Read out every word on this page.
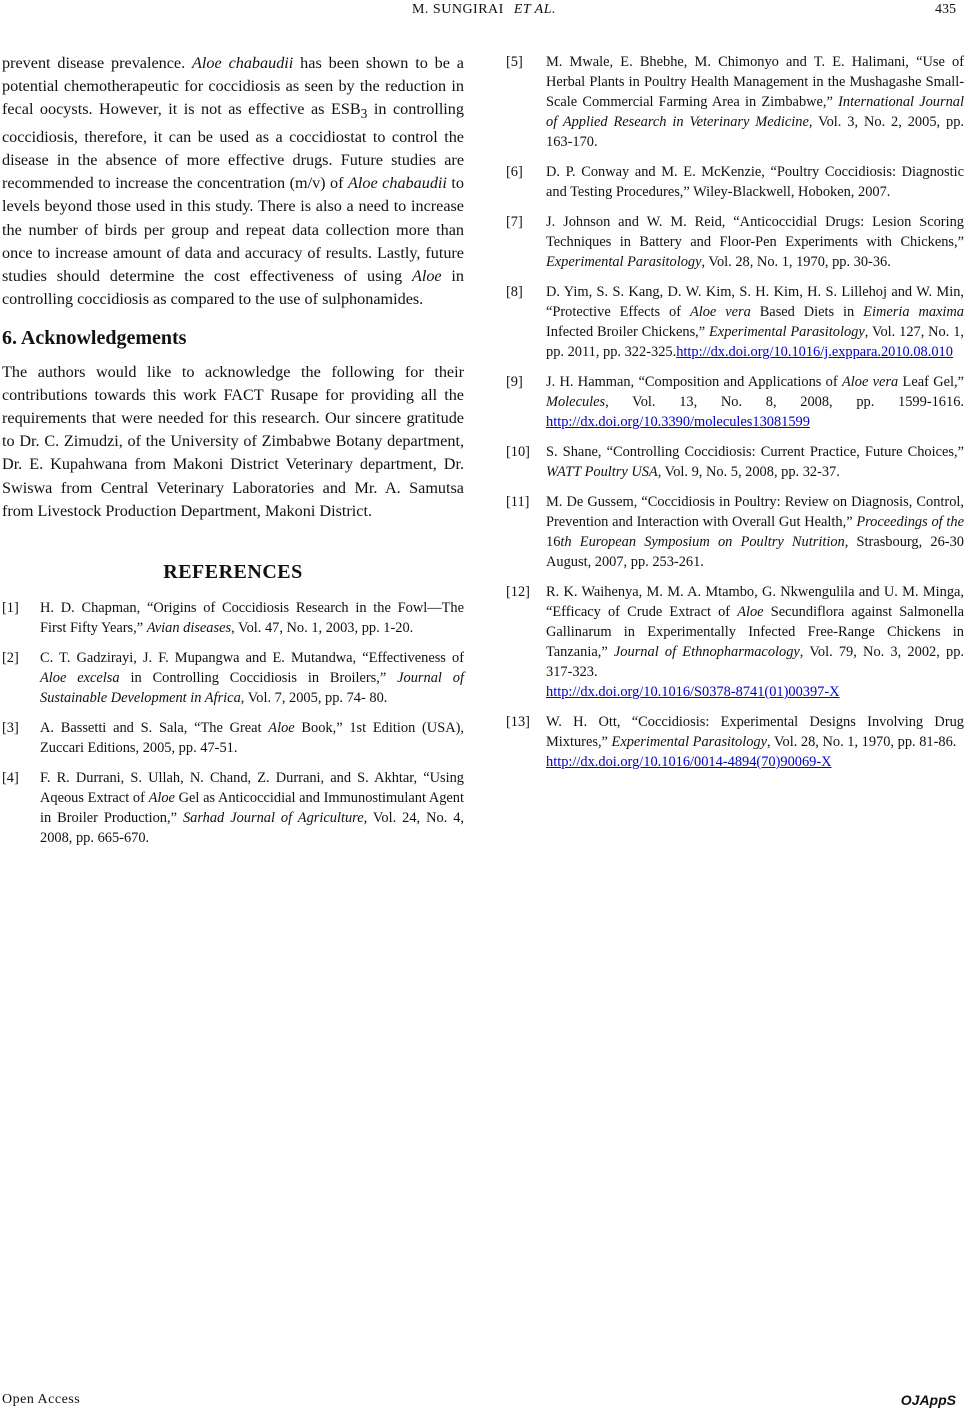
M. SUNGIRAI ET AL.	435

prevent disease prevalence. Aloe chabaudii has been shown to be a potential chemotherapeutic for coccidiosis as seen by the reduction in fecal oocysts. However, it is not as effective as $ESB_3$ in controlling coccidiosis, therefore, it can be used as a coccidiostat to control the disease in the absence of more effective drugs. Future studies are recommended to increase the concentration (m/v) of Aloe chabaudii to levels beyond those used in this study. There is also a need to increase the number of birds per group and repeat data collection more than once to increase amount of data and accuracy of results. Lastly, future studies should determine the cost effectiveness of using Aloe in controlling coccidiosis as compared to the use of sulphonamides.

6. Acknowledgements

The authors would like to acknowledge the following for their contributions towards this work FACT Rusape for providing all the requirements that were needed for this research. Our sincere gratitude to Dr. C. Zimudzi, of the University of Zimbabwe Botany department, Dr. E. Kupahwana from Makoni District Veterinary department, Dr. Swiswa from Central Veterinary Laboratories and Mr. A. Samutsa from Livestock Production Department, Makoni District.

REFERENCES
[1]	H. D. Chapman, “Origins of Coccidiosis Research in the Fowl—The First Fifty Years,” Avian diseases, Vol. 47, No. 1, 2003, pp. 1-20.
[2]	C. T. Gadzirayi, J. F. Mupangwa and E. Mutandwa, “Effectiveness of Aloe excelsa in Controlling Coccidiosis in Broilers,” Journal of Sustainable Development in Africa, Vol. 7, 2005, pp. 74- 80.
[3]	A. Bassetti and S. Sala, “The Great Aloe Book,” 1st Edition (USA), Zuccari Editions, 2005, pp. 47-51.
[4]	F. R. Durrani, S. Ullah, N. Chand, Z. Durrani, and S. Akhtar, “Using Aqeous Extract of Aloe Gel as Anticoccidial and Immunostimulant Agent in Broiler Production,” Sarhad Journal of Agriculture, Vol. 24, No. 4, 2008, pp. 665-670.
[5]	M. Mwale, E. Bhebhe, M. Chimonyo and T. E. Halimani, “Use of Herbal Plants in Poultry Health Management in the Mushagashe Small-Scale Commercial Farming Area in Zimbabwe,” International Journal of Applied Research in Veterinary Medicine, Vol. 3, No. 2, 2005, pp. 163-170.
[6]	D. P. Conway and M. E. McKenzie, “Poultry Coccidiosis: Diagnostic and Testing Procedures,” Wiley-Blackwell, Hoboken, 2007.
[7]	J. Johnson and W. M. Reid, “Anticoccidial Drugs: Lesion Scoring Techniques in Battery and Floor-Pen Experiments with Chickens,” Experimental Parasitology, Vol. 28, No. 1, 1970, pp. 30-36.
[8]	D. Yim, S. S. Kang, D. W. Kim, S. H. Kim, H. S. Lillehoj and W. Min, “Protective Effects of Aloe vera Based Diets in Eimeria maxima Infected Broiler Chickens,” Experimental Parasitology, Vol. 127, No. 1, pp. 2011, pp. 322-325.http://dx.doi.org/10.1016/j.exppara.2010.08.010
[9]	J. H. Hamman, “Composition and Applications of Aloe vera Leaf Gel,” Molecules, Vol. 13, No. 8, 2008, pp. 1599-1616. http://dx.doi.org/10.3390/molecules13081599
[10]	S. Shane, “Controlling Coccidiosis: Current Practice, Future Choices,” WATT Poultry USA, Vol. 9, No. 5, 2008, pp. 32-37.
[11]	M. De Gussem, “Coccidiosis in Poultry: Review on Diagnosis, Control, Prevention and Interaction with Overall Gut Health,” Proceedings of the 16th European Symposium on Poultry Nutrition, Strasbourg, 26-30 August, 2007, pp. 253-261.
[12]	R. K. Waihenya, M. M. A. Mtambo, G. Nkwengulila and U. M. Minga, “Efficacy of Crude Extract of Aloe Secundiflora against Salmonella Gallinarum in Experimentally Infected Free-Range Chickens in Tanzania,” Journal of Ethnopharmacology, Vol. 79, No. 3, 2002, pp. 317-323.
http://dx.doi.org/10.1016/S0378-8741(01)00397-X
[13]	W. H. Ott, “Coccidiosis: Experimental Designs Involving Drug Mixtures,” Experimental Parasitology, Vol. 28, No. 1, 1970, pp. 81-86.
http://dx.doi.org/10.1016/0014-4894(70)90069-X
Open Access	OJAppS
